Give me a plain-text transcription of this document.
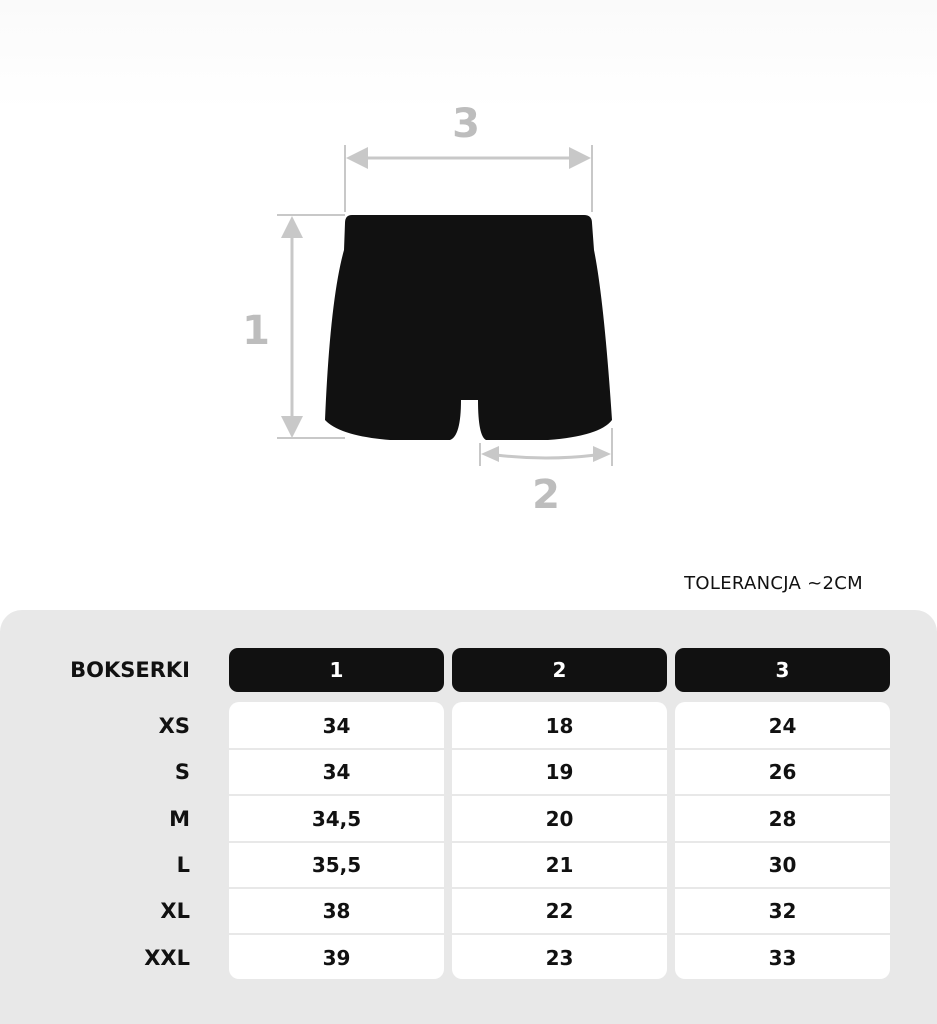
1
3
2
TOLERANCJA ~2CM
BOKSERKI	1	2	3
XS	34	18	24
S	34	19	26
M	34,5	20	28
L	35,5	21	30
XL	38	22	32
XXL	39	23	33
